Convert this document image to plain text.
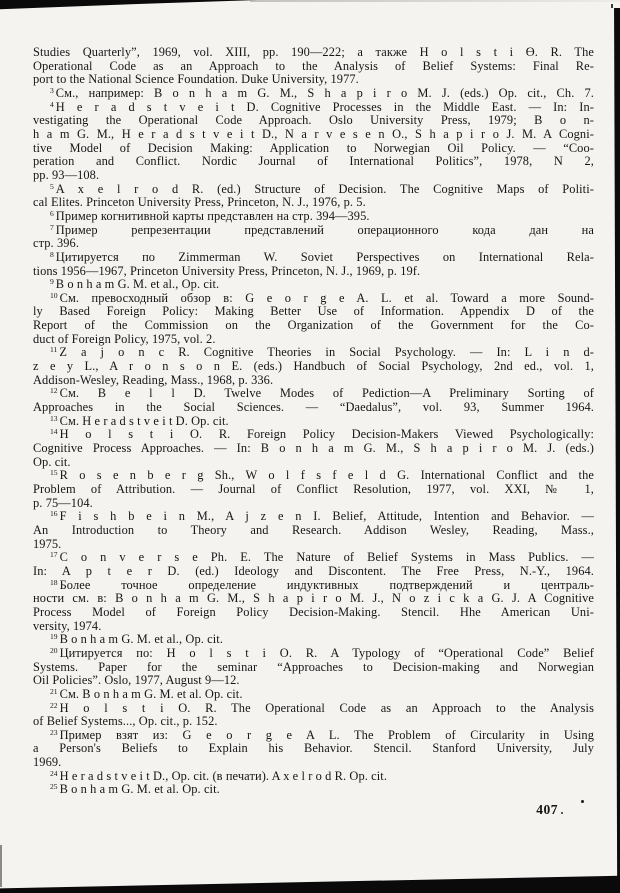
Studies Quarterly”, 1969, vol. XIII, pp. 190—222; а также H o l s t i Ө. R. The
Operational Code as an Approach to the Analysis of Belief Systems: Final Re-
port to the National Science Foundation. Duke University, 1977.
$^3$ См., например: B o n h a m G. M., S h a p i r o M. J. (eds.) Op. cit., Ch. 7.
$^4$ H e r a d s t v e i t D. Cognitive Processes in the Middle East. — In: In-
vestigating the Operational Code Approach. Oslo University Press, 1979; B o n-
h a m G. M., H e r a d s t v e i t D., N a r v e s e n O., S h a p i r o J. M. A Cogni-
tive Model of Decision Making: Application to Norwegian Oil Policy. — “Coo-
peration and Conflict. Nordic Journal of International Politics”, 1978, N 2,
pp. 93—108.
$^5$ A x e l r o d R. (ed.) Structure of Decision. The Cognitive Maps of Politi-
cal Elites. Princeton University Press, Princeton, N. J., 1976, p. 5.
$^6$ Пример когнитивной карты представлен на стр. 394—395.
$^7$ Пример репрезентации представлений операционного кода дан на
стр. 396.
$^8$ Цитируется по Zimmerman W. Soviet Perspectives on International Rela-
tions 1956—1967, Princeton University Press, Princeton, N. J., 1969, p. 19f.
$^9$ B o n h a m G. M. et al., Op. cit.
$^{10}$ См. превосходный обзор в: G e o r g e A. L. et al. Toward a more Sound-
ly Based Foreign Policy: Making Better Use of Information. Appendix D of the
Report of the Commission on the Organization of the Government for the Co-
duct of Foreign Policy, 1975, vol. 2.
$^{11}$ Z a j o n c R. Cognitive Theories in Social Psychology. — In: L i n d-
z e y L., A r o n s o n E. (eds.) Handbuch of Social Psychology, 2nd ed., vol. 1,
Addison-Wesley, Reading, Mass., 1968, p. 336.
$^{12}$ См. B e l l D. Twelve Modes of Pediction—A Preliminary Sorting of
Approaches in the Social Sciences. — “Daedalus”, vol. 93, Summer 1964.
$^{13}$ См. H e r a d s t v e i t D. Op. cit.
$^{14}$ H o l s t i O. R. Foreign Policy Decision-Makers Viewed Psychologically:
Cognitive Process Approaches. — In: B o n h a m G. M., S h a p i r o M. J. (eds.)
Op. cit.
$^{15}$ R o s e n b e r g Sh., W o l f s f e l d G. International Conflict and the
Problem of Attribution. — Journal of Conflict Resolution, 1977, vol. XXI, № 1,
p. 75—104.
$^{16}$ F i s h b e i n M., A j z e n I. Belief, Attitude, Intention and Behavior. —
An Introduction to Theory and Research. Addison Wesley, Reading, Mass.,
1975.
$^{17}$ C o n v e r s e Ph. E. The Nature of Belief Systems in Mass Publics. —
In: A p t e r D. (ed.) Ideology and Discontent. The Free Press, N.-Y., 1964.
$^{18}$ Более точное определение индуктивных подтверждений и централь-
ности см. в: B o n h a m G. M., S h a p i r o M. J., N o z i c k a G. J. A Cognitive
Process Model of Foreign Policy Decision-Making. Stencil. Hhe American Uni-
versity, 1974.
$^{19}$ B o n h a m G. M. et al., Op. cit.
$^{20}$ Цитируется по: H o l s t i O. R. A Typology of “Operational Code” Belief
Systems. Paper for the seminar “Approaches to Decision-making and Norwegian
Oil Policies”. Oslo, 1977, August 9—12.
$^{21}$ См. B o n h a m G. M. et al. Op. cit.
$^{22}$ H o l s t i O. R. The Operational Code as an Approach to the Analysis
of Belief Systems..., Op. cit., p. 152.
$^{23}$ Пример взят из: G e o r g e A L. The Problem of Circularity in Using
a Person's Beliefs to Explain his Behavior. Stencil. Stanford University, July
1969.
$^{24}$ H e r a d s t v e i t D., Op. cit. (в печати). A x e l r o d R. Op. cit.
$^{25}$ B o n h a m G. M. et al. Op. cit.
407
